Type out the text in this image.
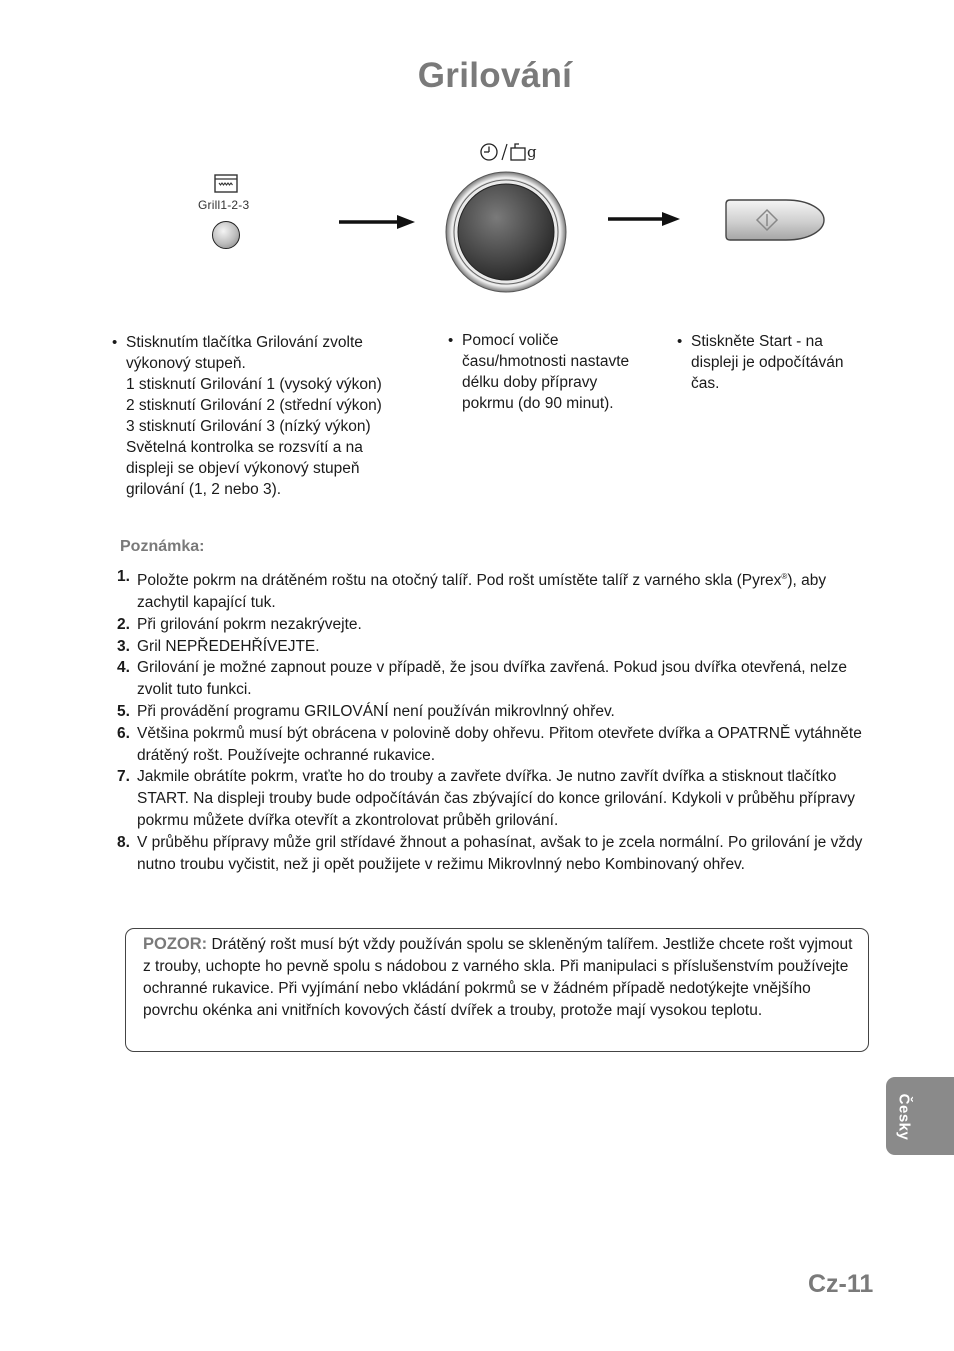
Grilování
Grill1-2-3
g
• Stisknutím tlačítka Grilování zvolte
výkonový stupeň.
1 stisknutí Grilování 1 (vysoký výkon)
2 stisknutí Grilování 2 (střední výkon)
3 stisknutí Grilování 3 (nízký výkon)
Světelná kontrolka se rozsvítí a na
displeji se objeví výkonový stupeň
grilování (1, 2 nebo 3).
• Pomocí voliče
času/hmotnosti nastavte
délku doby přípravy
pokrmu (do 90 minut).
• Stiskněte Start - na
displeji je odpočítáván
čas.
Poznámka:
1. Položte pokrm na drátěném roštu na otočný talíř. Pod rošt umístěte talíř z varného skla (Pyrex®), aby zachytil kapající tuk.
2. Při grilování pokrm nezakrývejte.
3. Gril NEPŘEDEHŘÍVEJTE.
4. Grilování je možné zapnout pouze v případě, že jsou dvířka zavřená. Pokud jsou dvířka otevřená, nelze zvolit tuto funkci.
5. Při provádění programu GRILOVÁNÍ není používán mikrovlnný ohřev.
6. Většina pokrmů musí být obrácena v polovině doby ohřevu. Přitom otevřete dvířka a OPATRNĚ vytáhněte drátěný rošt. Používejte ochranné rukavice.
7. Jakmile obrátíte pokrm, vraťte ho do trouby a zavřete dvířka. Je nutno zavřít dvířka a stisknout tlačítko START. Na displeji trouby bude odpočítáván čas zbývající do konce grilování. Kdykoli v průběhu přípravy pokrmu můžete dvířka otevřít a zkontrolovat průběh grilování.
8. V průběhu přípravy může gril střídavé žhnout a pohasínat, avšak to je zcela normální. Po grilování je vždy nutno troubu vyčistit, než ji opět použijete v režimu Mikrovlnný nebo Kombinovaný ohřev.
POZOR: Drátěný rošt musí být vždy používán spolu se skleněným talířem. Jestliže chcete rošt vyjmout z trouby, uchopte ho pevně spolu s nádobou z varného skla. Při manipulaci s příslušenstvím používejte ochranné rukavice. Při vyjímání nebo vkládání pokrmů se v žádném případě nedotýkejte vnějšího povrchu okénka ani vnitřních kovových částí dvířek a trouby, protože mají vysokou teplotu.
Česky
Cz-11
